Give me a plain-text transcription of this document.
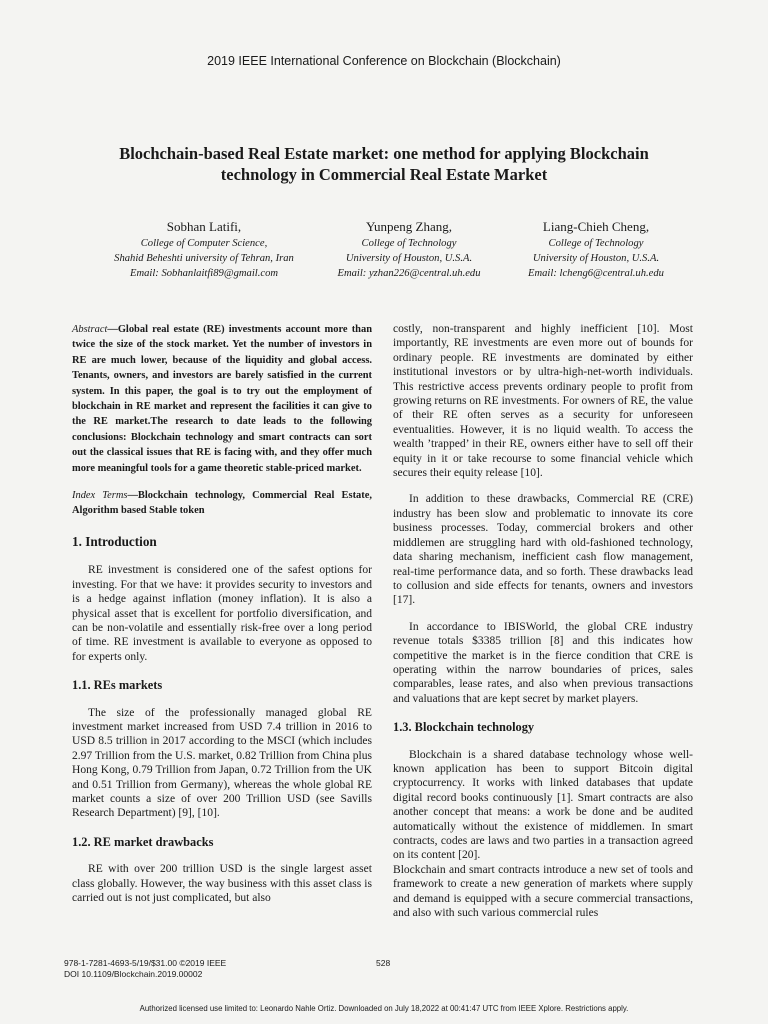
2019 IEEE International Conference on Blockchain (Blockchain)
Blochchain-based Real Estate market: one method for applying Blockchain
technology in Commercial Real Estate Market
Sobhan Latifi,
College of Computer Science,
Shahid Beheshti university of Tehran, Iran
Email: Sobhanlaitfi89@gmail.com
Yunpeng Zhang,
College of Technology
University of Houston, U.S.A.
Email: yzhan226@central.uh.edu
Liang-Chieh Cheng,
College of Technology
University of Houston, U.S.A.
Email: lcheng6@central.uh.edu

Abstract—Global real estate (RE) investments account more than twice the size of the stock market. Yet the number of investors in RE are much lower, because of the liquidity and global access. Tenants, owners, and investors are barely satisfied in the current system. In this paper, the goal is to try out the employment of blockchain in RE market and represent the facilities it can give to the RE market.The research to date leads to the following conclusions: Blockchain technology and smart contracts can sort out the classical issues that RE is facing with, and they offer much more meaningful tools for a game theoretic stable-priced market.

Index Terms—Blockchain technology, Commercial Real Estate, Algorithm based Stable token

1. Introduction

RE investment is considered one of the safest options for investing. For that we have: it provides security to investors and is a hedge against inflation (money inflation). It is also a physical asset that is excellent for portfolio diversification, and can be non-volatile and essentially risk-free over a long period of time. RE investment is available to everyone as opposed to for experts only.

1.1. REs markets

The size of the professionally managed global RE investment market increased from USD 7.4 trillion in 2016 to USD 8.5 trillion in 2017 according to the MSCI (which includes 2.97 Trillion from the U.S. market, 0.82 Trillion from China plus Hong Kong, 0.79 Trillion from Japan, 0.72 Trillion from the UK and 0.51 Trillion from Germany), whereas the whole global RE market counts a size of over 200 Trillion USD (see Savills Research Department) [9], [10].

1.2. RE market drawbacks

RE with over 200 trillion USD is the single largest asset class globally. However, the way business with this asset class is carried out is not just complicated, but also

costly, non-transparent and highly inefficient [10]. Most importantly, RE investments are even more out of bounds for ordinary people. RE investments are dominated by either institutional investors or by ultra-high-net-worth individuals. This restrictive access prevents ordinary people to profit from growing returns on RE investments. For owners of RE, the value of their RE often serves as a security for unforeseen eventualities. However, it is no liquid wealth. To access the wealth ’trapped’ in their RE, owners either have to sell off their equity in it or take recourse to some financial vehicle which secures their equity release [10].

In addition to these drawbacks, Commercial RE (CRE) industry has been slow and problematic to innovate its core business processes. Today, commercial brokers and other middlemen are struggling hard with old-fashioned technology, data sharing mechanism, inefficient cash flow management, real-time performance data, and so forth. These drawbacks lead to collusion and side effects for tenants, owners and investors [17].

In accordance to IBISWorld, the global CRE industry revenue totals $3385 trillion [8] and this indicates how competitive the market is in the fierce condition that CRE is operating within the narrow boundaries of prices, sales comparables, lease rates, and also when previous transactions and valuations that are kept secret by market players.

1.3. Blockchain technology

Blockchain is a shared database technology whose well-known application has been to support Bitcoin digital cryptocurrency. It works with linked databases that update digital record books continuously [1]. Smart contracts are also another concept that means: a work be done and be audited automatically without the existence of middlemen. In smart contracts, codes are laws and two parties in a transaction agreed on its content [20].

Blockchain and smart contracts introduce a new set of tools and framework to create a new generation of markets where supply and demand is equipped with a secure commercial transactions, and also with such various commercial rules

978-1-7281-4693-5/19/$31.00 ©2019 IEEE
DOI 10.1109/Blockchain.2019.00002
528
Authorized licensed use limited to: Leonardo Nahle Ortiz. Downloaded on July 18,2022 at 00:41:47 UTC from IEEE Xplore. Restrictions apply.
